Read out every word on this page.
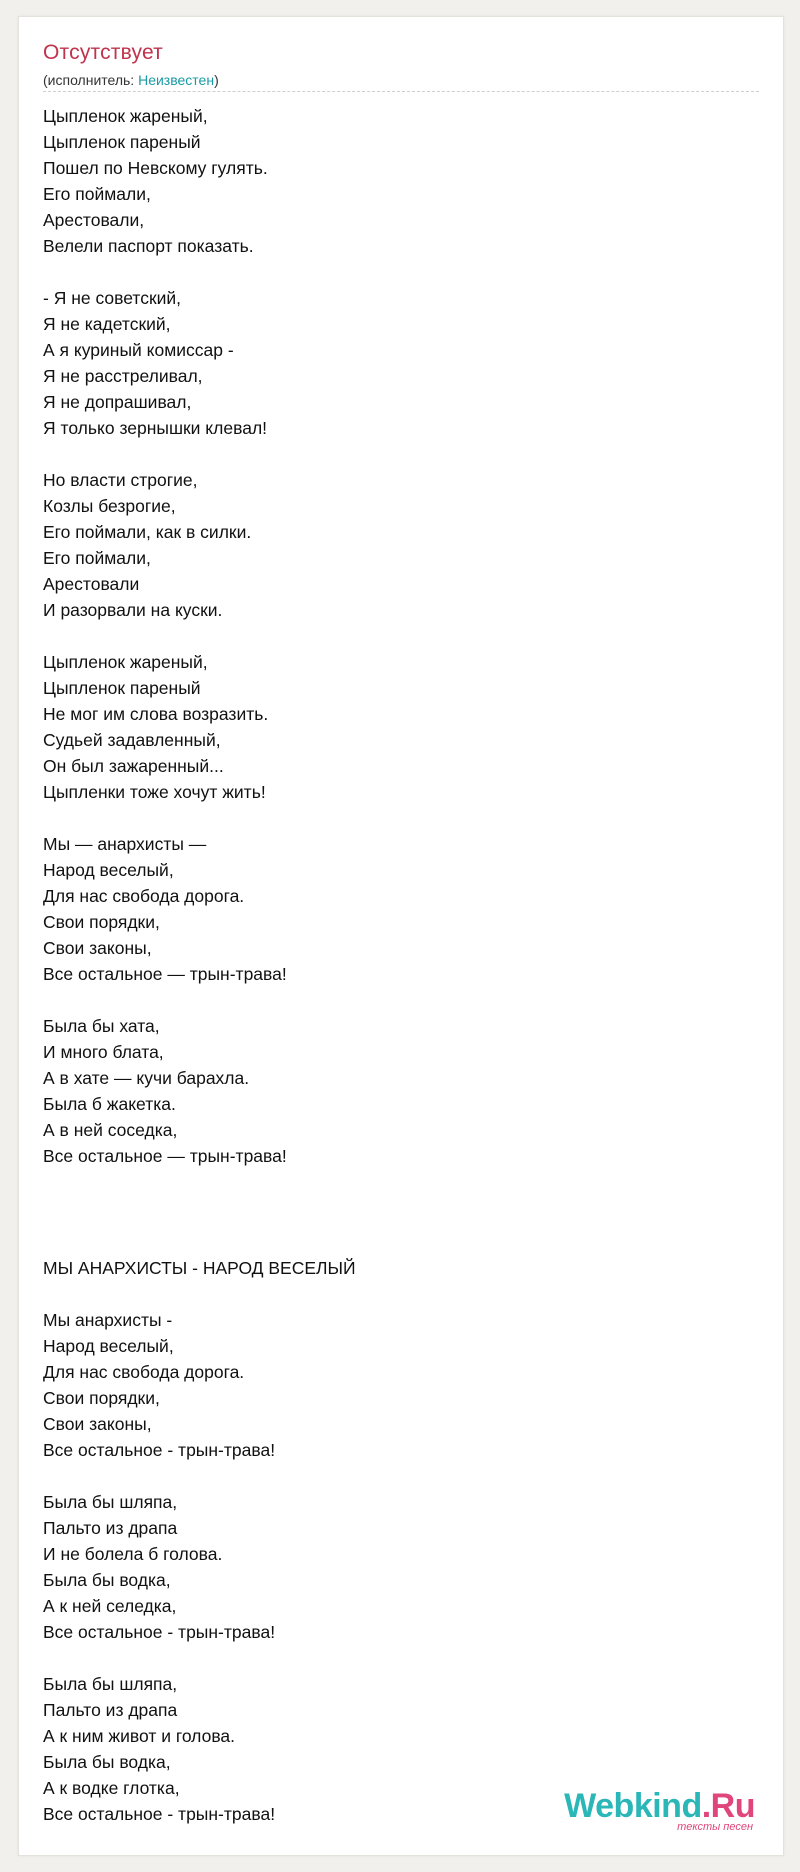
Отсутствует
(исполнитель: Неизвестен)
Цыпленок жареный,
Цыпленок пареный
Пошел по Невскому гулять.
Его поймали,
Арестовали,
Велели паспорт показать.
- Я не советский,
Я не кадетский,
А я куриный комиссар -
Я не расстреливал,
Я не допрашивал,
Я только зернышки клевал!
Но власти строгие,
Козлы безрогие,
Его поймали, как в силки.
Его поймали,
Арестовали
И разорвали на куски.
Цыпленок жареный,
Цыпленок пареный
Не мог им слова возразить.
Судьей задавленный,
Он был зажаренный...
Цыпленки тоже хочут жить!
Мы — анархисты —
Народ веселый,
Для нас свобода дорога.
Свои порядки,
Свои законы,
Все остальное — трын-трава!
Была бы хата,
И много блата,
А в хате — кучи барахла.
Была б жакетка.
А в ней соседка,
Все остальное — трын-трава!
МЫ АНАРХИСТЫ - НАРОД ВЕСЕЛЫЙ
Мы анархисты -
Народ веселый,
Для нас свобода дорога.
Свои порядки,
Свои законы,
Все остальное - трын-трава!
Была бы шляпа,
Пальто из драпа
И не болела б голова.
Была бы водка,
А к ней селедка,
Все остальное - трын-трава!
Была бы шляпа,
Пальто из драпа
А к ним живот и голова.
Была бы водка,
А к водке глотка,
Все остальное - трын-трава!	Webkind.Ru
тексты песен
